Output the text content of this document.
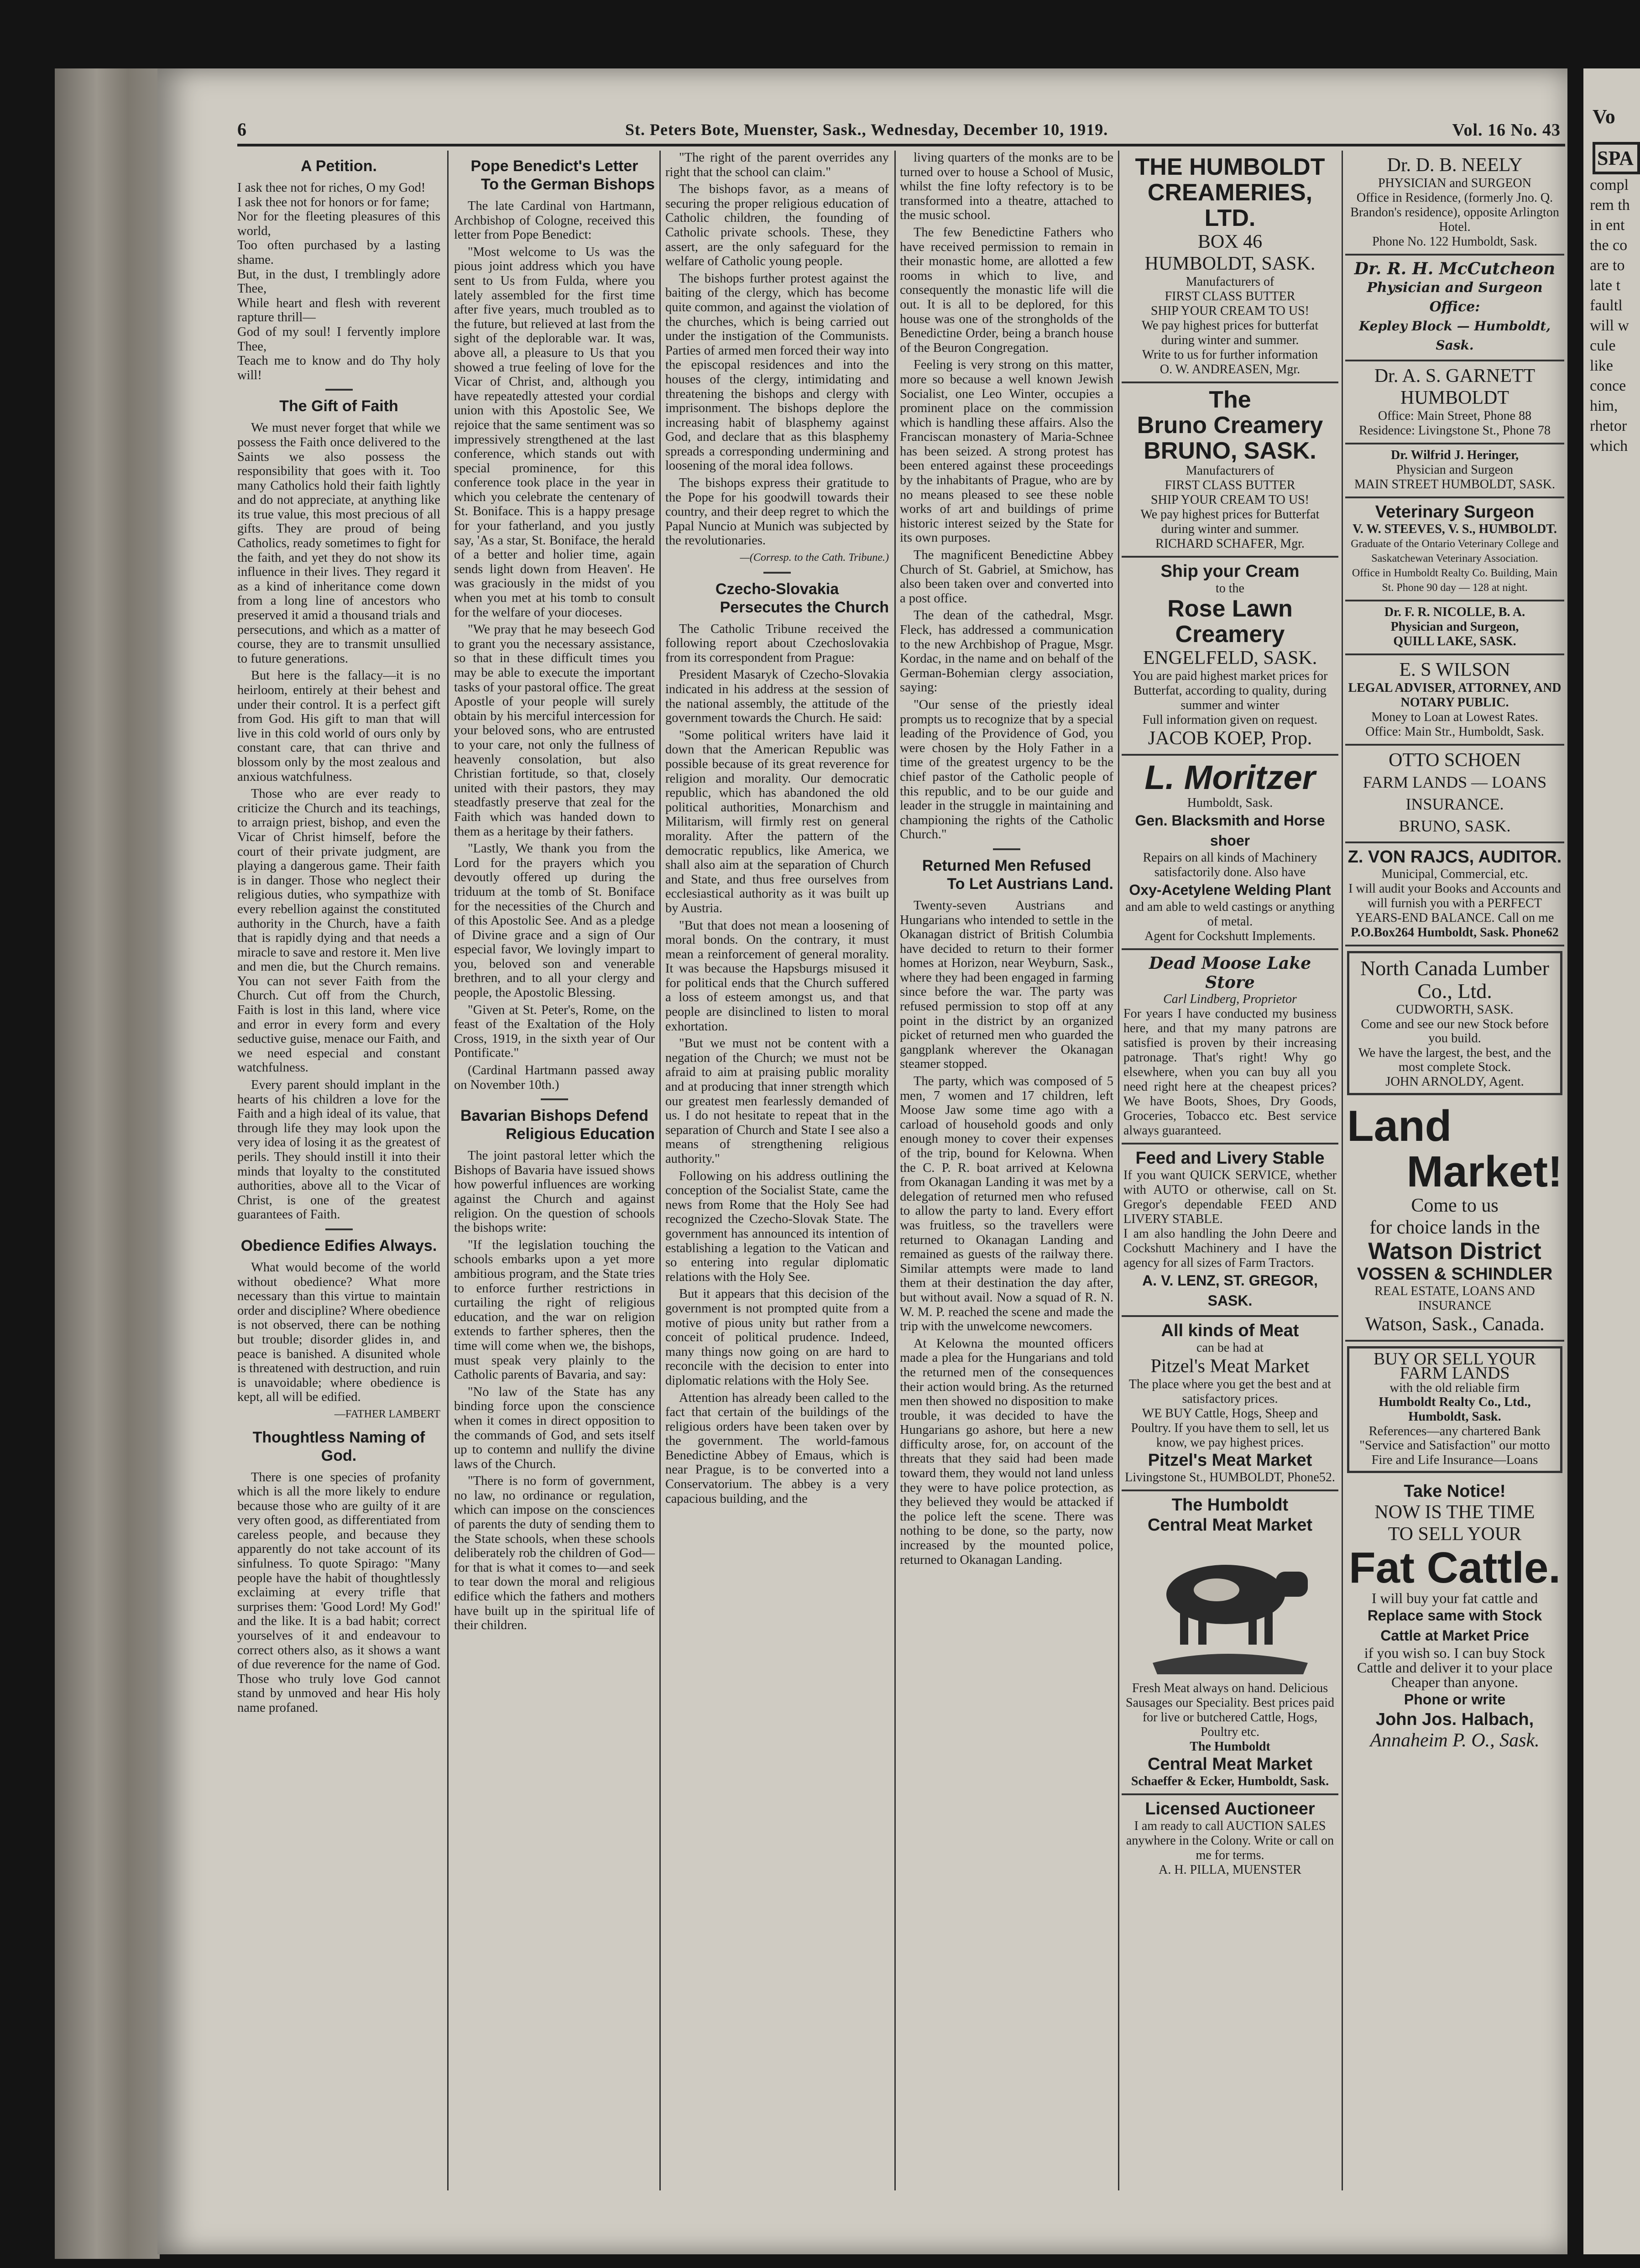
Vo
SPA

compl

rem th

in ent

the co

are to

late t

faultl

will w

cule

like

conce

him,

rhetor

which

6	St. Peters Bote, Muenster, Sask., Wednesday, December 10, 1919.	Vol. 16 No. 43
A Petition.

I ask thee not for riches, O my God!

I ask thee not for honors or for fame;

Nor for the fleeting pleasures of this world,

Too often purchased by a lasting shame.

But, in the dust, I tremblingly adore Thee,

While heart and flesh with reverent rapture thrill—

God of my soul! I fervently implore Thee,

Teach me to know and do Thy holy will!

The Gift of Faith

We must never forget that while we possess the Faith once delivered to the Saints we also possess the responsibility that goes with it. Too many Catholics hold their faith lightly and do not appreciate, at anything like its true value, this most precious of all gifts. They are proud of being Catholics, ready sometimes to fight for the faith, and yet they do not show its influence in their lives. They regard it as a kind of inheritance come down from a long line of ancestors who preserved it amid a thousand trials and persecutions, and which as a matter of course, they are to transmit unsullied to future generations.

But here is the fallacy—it is no heirloom, entirely at their behest and under their control. It is a perfect gift from God. His gift to man that will live in this cold world of ours only by constant care, that can thrive and blossom only by the most zealous and anxious watchfulness.

Those who are ever ready to criticize the Church and its teachings, to arraign priest, bishop, and even the Vicar of Christ himself, before the court of their private judgment, are playing a dangerous game. Their faith is in danger. Those who neglect their religious duties, who sympathize with every rebellion against the constituted authority in the Church, have a faith that is rapidly dying and that needs a miracle to save and restore it. Men live and men die, but the Church remains. You can not sever Faith from the Church. Cut off from the Church, Faith is lost in this land, where vice and error in every form and every seductive guise, menace our Faith, and we need especial and constant watchfulness.

Every parent should implant in the hearts of his children a love for the Faith and a high ideal of its value, that through life they may look upon the very idea of losing it as the greatest of perils. They should instill it into their minds that loyalty to the constituted authorities, above all to the Vicar of Christ, is one of the greatest guarantees of Faith.

Obedience Edifies Always.

What would become of the world without obedience? What more necessary than this virtue to maintain order and discipline? Where obedience is not observed, there can be nothing but trouble; disorder glides in, and peace is banished. A disunited whole is threatened with destruction, and ruin is unavoidable; where obedience is kept, all will be edified.

—FATHER LAMBERT
Thoughtless Naming of God.

There is one species of profanity which is all the more likely to endure because those who are guilty of it are very often good, as differentiated from careless people, and because they apparently do not take account of its sinfulness. To quote Spirago: "Many people have the habit of thoughtlessly exclaiming at every trifle that surprises them: 'Good Lord! My God!' and the like. It is a bad habit; correct yourselves of it and endeavour to correct others also, as it shows a want of due reverence for the name of God. Those who truly love God cannot stand by unmoved and hear His holy name profaned.

Pope Benedict's Letter
To the German Bishops

The late Cardinal von Hartmann, Archbishop of Cologne, received this letter from Pope Benedict:

"Most welcome to Us was the pious joint address which you have sent to Us from Fulda, where you lately assembled for the first time after five years, much troubled as to the future, but relieved at last from the sight of the deplorable war. It was, above all, a pleasure to Us that you showed a true feeling of love for the Vicar of Christ, and, although you have repeatedly attested your cordial union with this Apostolic See, We rejoice that the same sentiment was so impressively strengthened at the last conference, which stands out with special prominence, for this conference took place in the year in which you celebrate the centenary of St. Boniface. This is a happy presage for your fatherland, and you justly say, 'As a star, St. Boniface, the herald of a better and holier time, again sends light down from Heaven'. He was graciously in the midst of you when you met at his tomb to consult for the welfare of your dioceses.

"We pray that he may beseech God to grant you the necessary assistance, so that in these difficult times you may be able to execute the important tasks of your pastoral office. The great Apostle of your people will surely obtain by his merciful intercession for your beloved sons, who are entrusted to your care, not only the fullness of heavenly consolation, but also Christian fortitude, so that, closely united with their pastors, they may steadfastly preserve that zeal for the Faith which was handed down to them as a heritage by their fathers.

"Lastly, We thank you from the Lord for the prayers which you devoutly offered up during the triduum at the tomb of St. Boniface for the necessities of the Church and of this Apostolic See. And as a pledge of Divine grace and a sign of Our especial favor, We lovingly impart to you, beloved son and venerable brethren, and to all your clergy and people, the Apostolic Blessing.

"Given at St. Peter's, Rome, on the feast of the Exaltation of the Holy Cross, 1919, in the sixth year of Our Pontificate."

(Cardinal Hartmann passed away on November 10th.)

Bavarian Bishops Defend
Religious Education

The joint pastoral letter which the Bishops of Bavaria have issued shows how powerful influences are working against the Church and against religion. On the question of schools the bishops write:

"If the legislation touching the schools embarks upon a yet more ambitious program, and the State tries to enforce further restrictions in curtailing the right of religious education, and the war on religion extends to farther spheres, then the time will come when we, the bishops, must speak very plainly to the Catholic parents of Bavaria, and say:

"No law of the State has any binding force upon the conscience when it comes in direct opposition to the commands of God, and sets itself up to contemn and nullify the divine laws of the Church.

"There is no form of government, no law, no ordinance or regulation, which can impose on the consciences of parents the duty of sending them to the State schools, when these schools deliberately rob the children of God—for that is what it comes to—and seek to tear down the moral and religious edifice which the fathers and mothers have built up in the spiritual life of their children.

"The right of the parent overrides any right that the school can claim."

The bishops favor, as a means of securing the proper religious education of Catholic children, the founding of Catholic private schools. These, they assert, are the only safeguard for the welfare of Catholic young people.

The bishops further protest against the baiting of the clergy, which has become quite common, and against the violation of the churches, which is being carried out under the instigation of the Communists. Parties of armed men forced their way into the episcopal residences and into the houses of the clergy, intimidating and threatening the bishops and clergy with imprisonment. The bishops deplore the increasing habit of blasphemy against God, and declare that as this blasphemy spreads a corresponding undermining and loosening of the moral idea follows.

The bishops express their gratitude to the Pope for his goodwill towards their country, and their deep regret to which the Papal Nuncio at Munich was subjected by the revolutionaries.

—(Corresp. to the Cath. Tribune.)
Czecho-Slovakia
Persecutes the Church

The Catholic Tribune received the following report about Czechoslovakia from its correspondent from Prague:

President Masaryk of Czecho-Slovakia indicated in his address at the session of the national assembly, the attitude of the government towards the Church. He said:

"Some political writers have laid it down that the American Republic was possible because of its great reverence for religion and morality. Our democratic republic, which has abandoned the old political authorities, Monarchism and Militarism, will firmly rest on general morality. After the pattern of the democratic republics, like America, we shall also aim at the separation of Church and State, and thus free ourselves from ecclesiastical authority as it was built up by Austria.

"But that does not mean a loosening of moral bonds. On the contrary, it must mean a reinforcement of general morality. It was because the Hapsburgs misused it for political ends that the Church suffered a loss of esteem amongst us, and that people are disinclined to listen to moral exhortation.

"But we must not be content with a negation of the Church; we must not be afraid to aim at praising public morality and at producing that inner strength which our greatest men fearlessly demanded of us. I do not hesitate to repeat that in the separation of Church and State I see also a means of strengthening religious authority."

Following on his address outlining the conception of the Socialist State, came the news from Rome that the Holy See had recognized the Czecho-Slovak State. The government has announced its intention of establishing a legation to the Vatican and so entering into regular diplomatic relations with the Holy See.

But it appears that this decision of the government is not prompted quite from a motive of pious unity but rather from a conceit of political prudence. Indeed, many things now going on are hard to reconcile with the decision to enter into diplomatic relations with the Holy See.

Attention has already been called to the fact that certain of the buildings of the religious orders have been taken over by the government. The world-famous Benedictine Abbey of Emaus, which is near Prague, is to be converted into a Conservatorium. The abbey is a very capacious building, and the

living quarters of the monks are to be turned over to house a School of Music, whilst the fine lofty refectory is to be transformed into a theatre, attached to the music school.

The few Benedictine Fathers who have received permission to remain in their monastic home, are allotted a few rooms in which to live, and consequently the monastic life will die out. It is all to be deplored, for this house was one of the strongholds of the Benedictine Order, being a branch house of the Beuron Congregation.

Feeling is very strong on this matter, more so because a well known Jewish Socialist, one Leo Winter, occupies a prominent place on the commission which is handling these affairs. Also the Franciscan monastery of Maria-Schnee has been seized. A strong protest has been entered against these proceedings by the inhabitants of Prague, who are by no means pleased to see these noble works of art and buildings of prime historic interest seized by the State for its own purposes.

The magnificent Benedictine Abbey Church of St. Gabriel, at Smichow, has also been taken over and converted into a post office.

The dean of the cathedral, Msgr. Fleck, has addressed a communication to the new Archbishop of Prague, Msgr. Kordac, in the name and on behalf of the German-Bohemian clergy association, saying:

"Our sense of the priestly ideal prompts us to recognize that by a special leading of the Providence of God, you were chosen by the Holy Father in a time of the greatest urgency to be the chief pastor of the Catholic people of this republic, and to be our guide and leader in the struggle in maintaining and championing the rights of the Catholic Church."

Returned Men Refused
To Let Austrians Land.

Twenty-seven Austrians and Hungarians who intended to settle in the Okanagan district of British Columbia have decided to return to their former homes at Horizon, near Weyburn, Sask., where they had been engaged in farming since before the war. The party was refused permission to stop off at any point in the district by an organized picket of returned men who guarded the gangplank wherever the Okanagan steamer stopped.

The party, which was composed of 5 men, 7 women and 17 children, left Moose Jaw some time ago with a carload of household goods and only enough money to cover their expenses of the trip, bound for Kelowna. When the C. P. R. boat arrived at Kelowna from Okanagan Landing it was met by a delegation of returned men who refused to allow the party to land. Every effort was fruitless, so the travellers were returned to Okanagan Landing and remained as guests of the railway there. Similar attempts were made to land them at their destination the day after, but without avail. Now a squad of R. N. W. M. P. reached the scene and made the trip with the unwelcome newcomers.

At Kelowna the mounted officers made a plea for the Hungarians and told the returned men of the consequences their action would bring. As the returned men then showed no disposition to make trouble, it was decided to have the Hungarians go ashore, but here a new difficulty arose, for, on account of the threats that they said had been made toward them, they would not land unless they were to have police protection, as they believed they would be attacked if the police left the scene. There was nothing to be done, so the party, now increased by the mounted police, returned to Okanagan Landing.

THE HUMBOLDT CREAMERIES, LTD.
BOX 46
HUMBOLDT, SASK.
Manufacturers of
FIRST CLASS BUTTER
SHIP YOUR CREAM TO US!
We pay highest prices for butterfat during winter and summer.
Write to us for further information
O. W. ANDREASEN, Mgr.
The
Bruno Creamery
BRUNO, SASK.
Manufacturers of
FIRST CLASS BUTTER
SHIP YOUR CREAM TO US!
We pay highest prices for Butterfat during winter and summer.
RICHARD SCHAFER, Mgr.
Ship your Cream
to the
Rose Lawn Creamery
ENGELFELD, SASK.
You are paid highest market prices for Butterfat, according to quality, during summer and winter
Full information given on request.
JACOB KOEP, Prop.
L. Moritzer
Humboldt, Sask.
Gen. Blacksmith and Horse shoer
Repairs on all kinds of Machinery satisfactorily done. Also have
Oxy-Acetylene Welding Plant
and am able to weld castings or anything of metal.
Agent for Cockshutt Implements.
Dead Moose Lake Store
Carl Lindberg, Proprietor
For years I have conducted my business here, and that my many patrons are satisfied is proven by their increasing patronage. That's right! Why go elsewhere, when you can buy all you need right here at the cheapest prices? We have Boots, Shoes, Dry Goods, Groceries, Tobacco etc. Best service always guaranteed.
Feed and Livery Stable
If you want QUICK SERVICE, whether with AUTO or otherwise, call on St. Gregor's dependable FEED AND LIVERY STABLE.
I am also handling the John Deere and Cockshutt Machinery and I have the agency for all sizes of Farm Tractors.
A. V. LENZ, ST. GREGOR, SASK.
All kinds of Meat
can be had at
Pitzel's Meat Market
The place where you get the best and at satisfactory prices.
WE BUY Cattle, Hogs, Sheep and Poultry. If you have them to sell, let us know, we pay highest prices.
Pitzel's Meat Market
Livingstone St., HUMBOLDT, Phone52.
The Humboldt
Central Meat Market
Fresh Meat always on hand. Delicious Sausages our Speciality. Best prices paid for live or butchered Cattle, Hogs, Poultry etc.
The Humboldt
Central Meat Market
Schaeffer & Ecker, Humboldt, Sask.
Licensed Auctioneer
I am ready to call AUCTION SALES anywhere in the Colony. Write or call on me for terms.
A. H. PILLA, MUENSTER
Dr. D. B. NEELY
PHYSICIAN and SURGEON
Office in Residence, (formerly Jno. Q. Brandon's residence), opposite Arlington Hotel.
Phone No. 122 Humboldt, Sask.
Dr. R. H. McCutcheon
Physician and Surgeon
Office:
Kepley Block — Humboldt, Sask.
Dr. A. S. GARNETT
HUMBOLDT
Office: Main Street, Phone 88
Residence: Livingstone St., Phone 78
Dr. Wilfrid J. Heringer,
Physician and Surgeon
MAIN STREET HUMBOLDT, SASK.
Veterinary Surgeon
V. W. STEEVES, V. S., HUMBOLDT.
Graduate of the Ontario Veterinary College and Saskatchewan Veterinary Association.
Office in Humboldt Realty Co. Building, Main St. Phone 90 day — 128 at night.
Dr. F. R. NICOLLE, B. A.
Physician and Surgeon,
QUILL LAKE, SASK.
E. S WILSON
LEGAL ADVISER, ATTORNEY, AND NOTARY PUBLIC.
Money to Loan at Lowest Rates.
Office: Main Str., Humboldt, Sask.
OTTO SCHOEN
FARM LANDS — LOANS
INSURANCE.
BRUNO, SASK.
Z. VON RAJCS, AUDITOR.
Municipal, Commercial, etc.
I will audit your Books and Accounts and will furnish you with a PERFECT YEARS-END BALANCE. Call on me
P.O.Box264 Humboldt, Sask. Phone62
North Canada Lumber Co., Ltd.
CUDWORTH, SASK.
Come and see our new Stock before you build.
We have the largest, the best, and the most complete Stock.
JOHN ARNOLDY, Agent.
Land
Market!
Come to us
for choice lands in the
Watson District
VOSSEN & SCHINDLER
REAL ESTATE, LOANS AND INSURANCE
Watson, Sask., Canada.
BUY OR SELL YOUR FARM LANDS
with the old reliable firm
Humboldt Realty Co., Ltd., Humboldt, Sask.
References—any chartered Bank
"Service and Satisfaction" our motto
Fire and Life Insurance—Loans
Take Notice!
NOW IS THE TIME
TO SELL YOUR
Fat Cattle.
I will buy your fat cattle and
Replace same with Stock Cattle at Market Price
if you wish so. I can buy Stock Cattle and deliver it to your place Cheaper than anyone.
Phone or write
John Jos. Halbach,
Annaheim P. O., Sask.
